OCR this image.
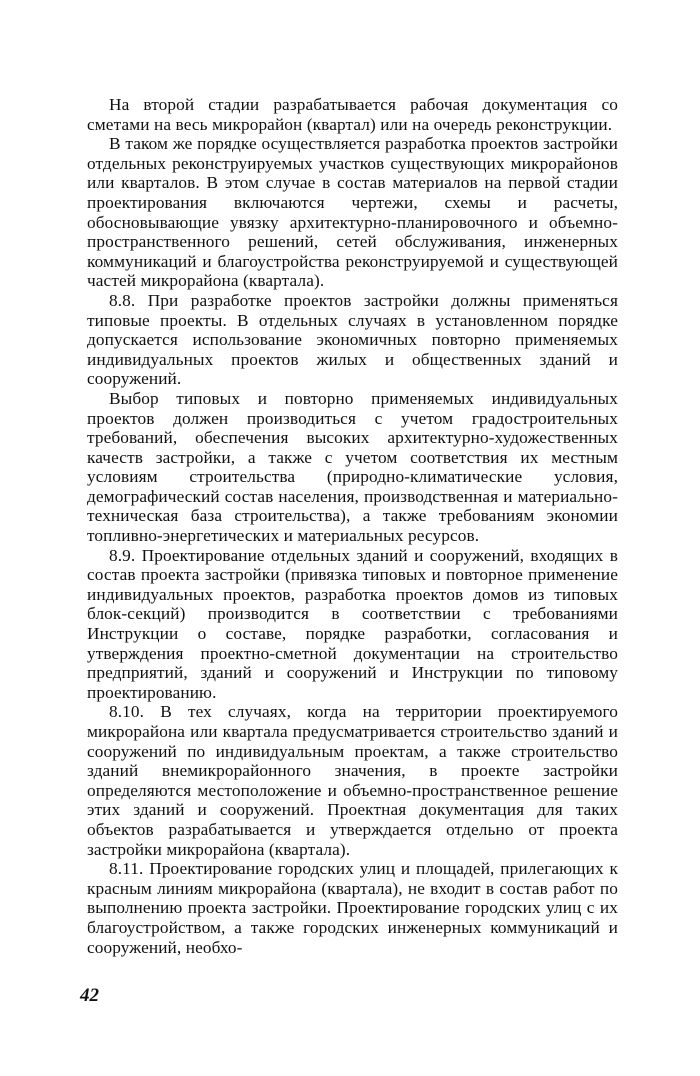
На второй стадии разрабатывается рабочая документация со сметами на весь микрорайон (квартал) или на очередь реконструкции.

В таком же порядке осуществляется разработка проектов застройки отдельных реконструируемых участков существующих микрорайонов или кварталов. В этом случае в состав материалов на первой стадии проектирования включаются чертежи, схемы и расчеты, обосновывающие увязку архитектурно-планировочного и объемно-пространственного решений, сетей обслуживания, инженерных коммуникаций и благоустройства реконструируемой и существующей частей микрорайона (квартала).

8.8. При разработке проектов застройки должны применяться типовые проекты. В отдельных случаях в установленном порядке допускается использование экономичных повторно применяемых индивидуальных проектов жилых и общественных зданий и сооружений.

Выбор типовых и повторно применяемых индивидуальных проектов должен производиться с учетом градостроительных требований, обеспечения высоких архитектурно-художественных качеств застройки, а также с учетом соответствия их местным условиям строительства (природно-климатические условия, демографический состав населения, производственная и материально-техническая база строительства), а также требованиям экономии топливно-энергетических и материальных ресурсов.

8.9. Проектирование отдельных зданий и сооружений, входящих в состав проекта застройки (привязка типовых и повторное применение индивидуальных проектов, разработка проектов домов из типовых блок-секций) производится в соответствии с требованиями Инструкции о составе, порядке разработки, согласования и утверждения проектно-сметной документации на строительство предприятий, зданий и сооружений и Инструкции по типовому проектированию.

8.10. В тех случаях, когда на территории проектируемого микрорайона или квартала предусматривается строительство зданий и сооружений по индивидуальным проектам, а также строительство зданий внемикрорайонного значения, в проекте застройки определяются местоположение и объемно-пространственное решение этих зданий и сооружений. Проектная документация для таких объектов разрабатывается и утверждается отдельно от проекта застройки микрорайона (квартала).

8.11. Проектирование городских улиц и площадей, прилегающих к красным линиям микрорайона (квартала), не входит в состав работ по выполнению проекта застройки. Проектирование городских улиц с их благоустройством, а также городских инженерных коммуникаций и сооружений, необхо-

42
